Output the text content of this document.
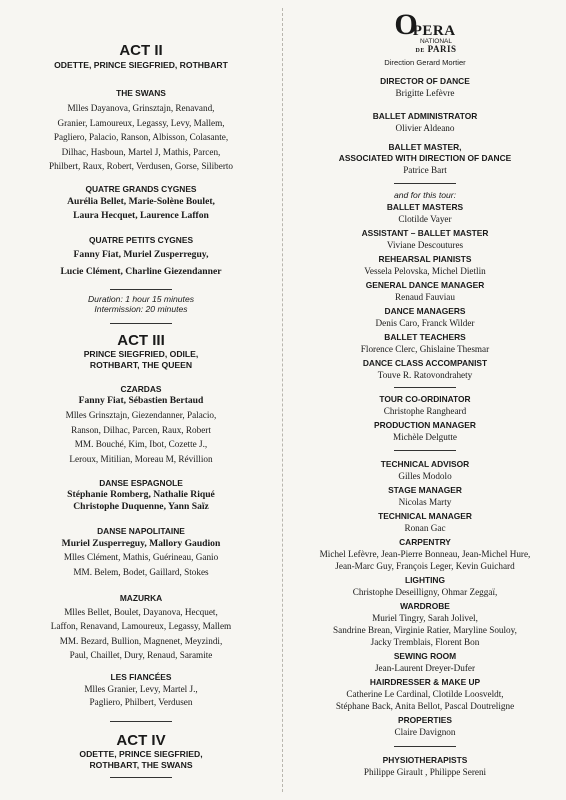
ACT II

ODETTE, PRINCE SIEGFRIED, ROTHBART

THE SWANS

Mlles Dayanova, Grinsztajn, Renavand,

Granier, Lamoureux, Legassy, Levy, Mallem,

Pagliero, Palacio, Ranson, Albisson, Colasante,

Dilhac, Hasboun, Martel J, Mathis, Parcen,

Philbert, Raux, Robert, Verdusen, Gorse, Siliberto

QUATRE GRANDS CYGNES

Aurélia Bellet, Marie-Solène Boulet,

Laura Hecquet, Laurence Laffon

QUATRE PETITS CYGNES

Fanny Fiat, Muriel Zusperreguy,

Lucie Clément, Charline Giezendanner

Duration: 1 hour 15 minutes

Intermission: 20 minutes

ACT III

PRINCE SIEGFRIED, ODILE,

ROTHBART, THE QUEEN

CZARDAS

Fanny Fiat, Sébastien Bertaud

Mlles Grinsztajn, Giezendanner, Palacio,

Ranson, Dilhac, Parcen, Raux, Robert

MM. Bouché, Kim, Ibot, Cozette J.,

Leroux, Mitilian, Moreau M, Révillion

DANSE ESPAGNOLE

Stéphanie Romberg, Nathalie Riqué

Christophe Duquenne, Yann Saïz

DANSE NAPOLITAINE

Muriel Zusperreguy, Mallory Gaudion

Mlles Clément, Mathis, Guérineau, Ganio

MM. Belem, Bodet, Gaillard, Stokes

MAZURKA

Mlles Bellet, Boulet, Dayanova, Hecquet,

Laffon, Renavand, Lamoureux, Legassy, Mallem

MM. Bezard, Bullion, Magnenet, Meyzindi,

Paul, Chaillet, Dury, Renaud, Saramite

LES FIANCÉES

Mlles Granier, Levy, Martel J.,

Pagliero, Philbert, Verdusen

ACT IV

ODETTE, PRINCE SIEGFRIED,

ROTHBART, THE SWANS

O
PERA
NATIONAL
DE PARIS
Direction Gerard Mortier

DIRECTOR OF DANCE

Brigitte Lefèvre

BALLET ADMINISTRATOR

Olivier Aldeano

BALLET MASTER,

ASSOCIATED WITH DIRECTION OF DANCE

Patrice Bart

and for this tour:

BALLET MASTERS

Clotilde Vayer

ASSISTANT – BALLET MASTER

Viviane Descoutures

REHEARSAL PIANISTS

Vessela Pelovska, Michel Dietlin

GENERAL DANCE MANAGER

Renaud Fauviau

DANCE MANAGERS

Denis Caro, Franck Wilder

BALLET TEACHERS

Florence Clerc, Ghislaine Thesmar

DANCE CLASS ACCOMPANIST

Touve R. Ratovondrahety

TOUR CO-ORDINATOR

Christophe Rangheard

PRODUCTION MANAGER

Michèle Delgutte

TECHNICAL ADVISOR

Gilles Modolo

STAGE MANAGER

Nicolas Marty

TECHNICAL MANAGER

Ronan Gac

CARPENTRY

Michel Lefèvre, Jean-Pierre Bonneau, Jean-Michel Hure,

Jean-Marc Guy, François Leger, Kevin Guichard

LIGHTING

Christophe Deseilligny, Ohmar Zeggaï,

WARDROBE

Muriel Tingry, Sarah Jolivel,

Sandrine Brean, Virginie Ratier, Maryline Souloy,

Jacky Tremblais, Florent Bon

SEWING ROOM

Jean-Laurent Dreyer-Dufer

HAIRDRESSER & MAKE UP

Catherine Le Cardinal, Clotilde Loosveldt,

Stéphane Back, Anita Bellot, Pascal Doutreligne

PROPERTIES

Claire Davignon

PHYSIOTHERAPISTS

Philippe Girault , Philippe Sereni
